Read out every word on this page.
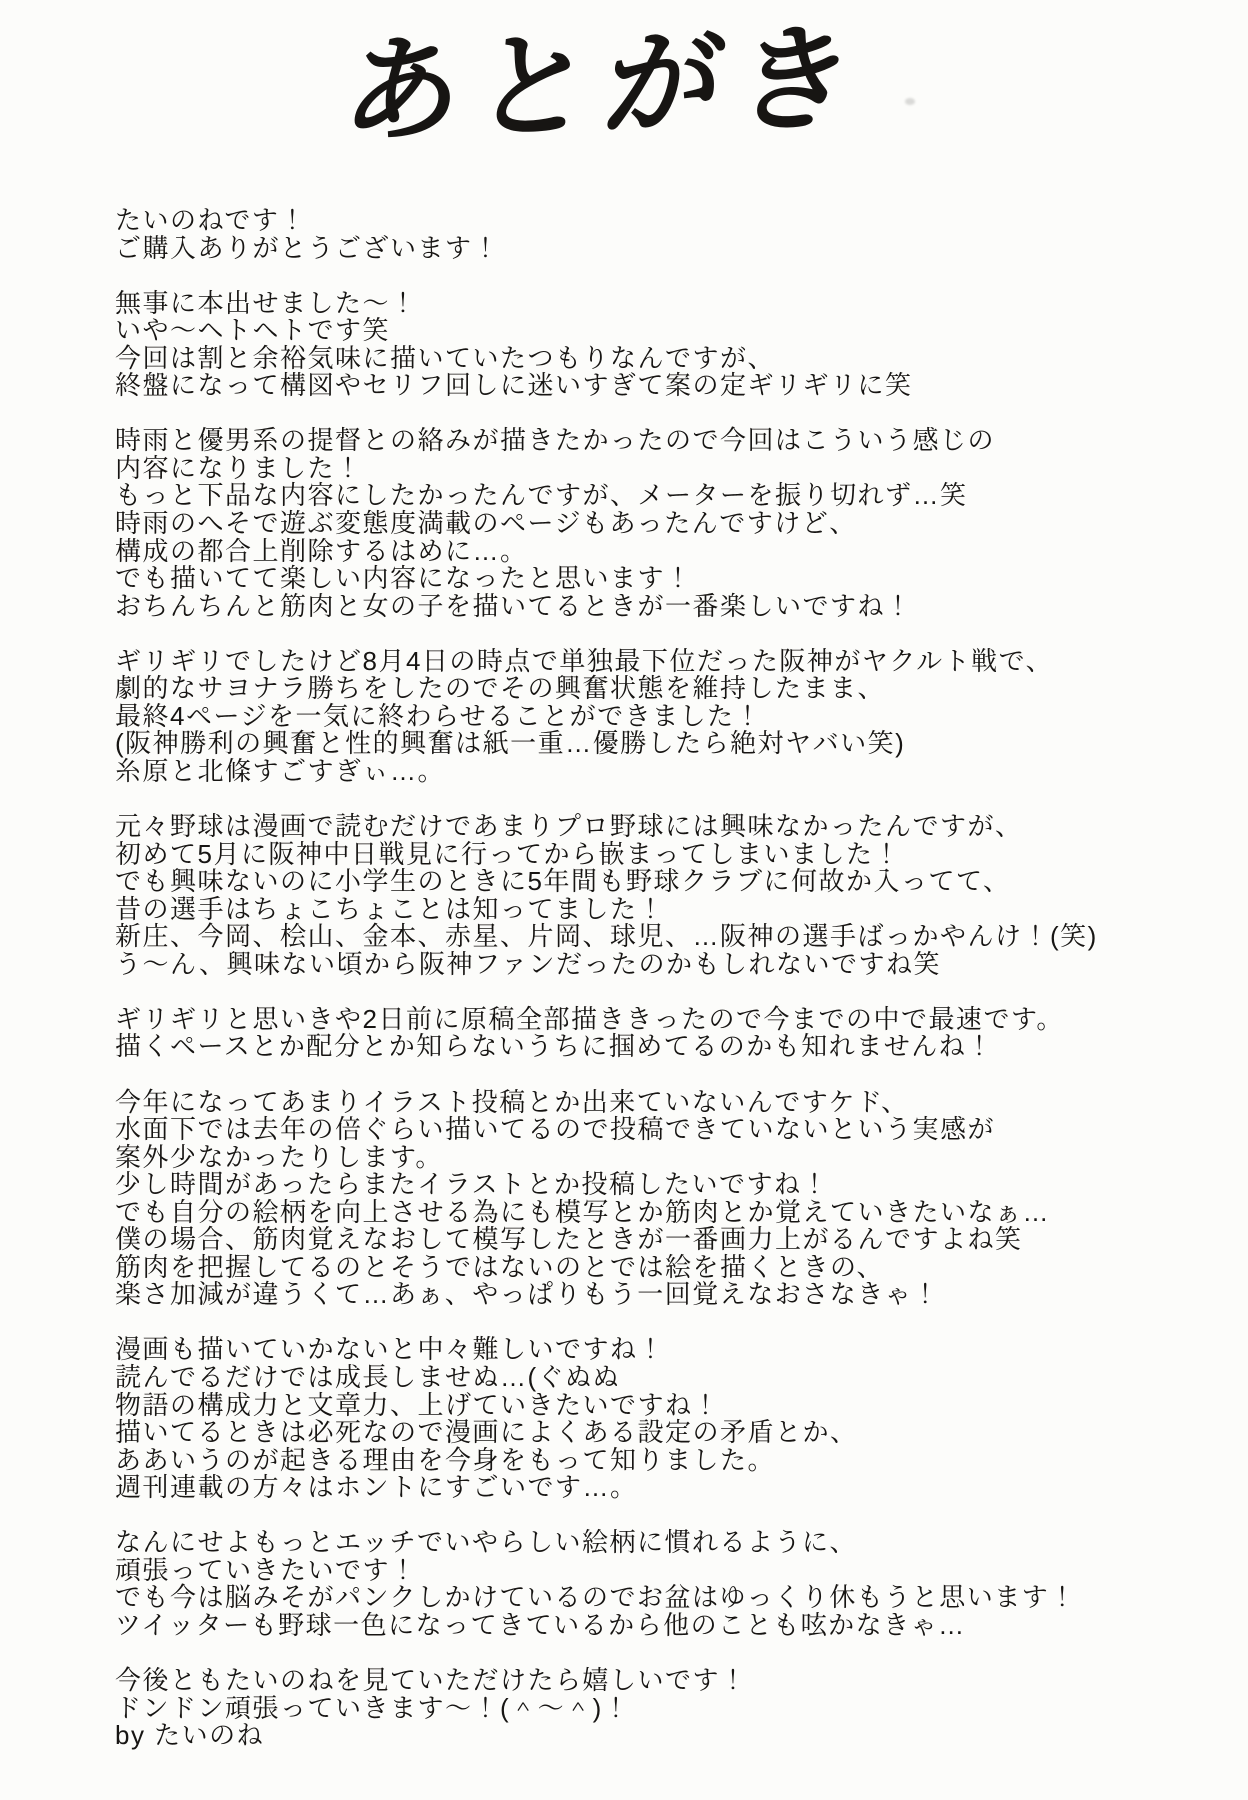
あとがき
たいのねです！
ご購入ありがとうございます！

無事に本出せました〜！
いや〜ヘトヘトです笑
今回は割と余裕気味に描いていたつもりなんですが、
終盤になって構図やセリフ回しに迷いすぎて案の定ギリギリに笑

時雨と優男系の提督との絡みが描きたかったので今回はこういう感じの
内容になりました！
もっと下品な内容にしたかったんですが、メーターを振り切れず…笑
時雨のへそで遊ぶ変態度満載のページもあったんですけど、
構成の都合上削除するはめに…。
でも描いてて楽しい内容になったと思います！
おちんちんと筋肉と女の子を描いてるときが一番楽しいですね！

ギリギリでしたけど8月4日の時点で単独最下位だった阪神がヤクルト戦で、
劇的なサヨナラ勝ちをしたのでその興奮状態を維持したまま、
最終4ページを一気に終わらせることができました！
(阪神勝利の興奮と性的興奮は紙一重…優勝したら絶対ヤバい笑)
糸原と北條すごすぎぃ…。

元々野球は漫画で読むだけであまりプロ野球には興味なかったんですが、
初めて5月に阪神中日戦見に行ってから嵌まってしまいました！
でも興味ないのに小学生のときに5年間も野球クラブに何故か入ってて、
昔の選手はちょこちょことは知ってました！
新庄、今岡、桧山、金本、赤星、片岡、球児、…阪神の選手ばっかやんけ！(笑)
う〜ん、興味ない頃から阪神ファンだったのかもしれないですね笑

ギリギリと思いきや2日前に原稿全部描ききったので今までの中で最速です。
描くペースとか配分とか知らないうちに掴めてるのかも知れませんね！

今年になってあまりイラスト投稿とか出来ていないんですケド、
水面下では去年の倍ぐらい描いてるので投稿できていないという実感が
案外少なかったりします。
少し時間があったらまたイラストとか投稿したいですね！
でも自分の絵柄を向上させる為にも模写とか筋肉とか覚えていきたいなぁ…
僕の場合、筋肉覚えなおして模写したときが一番画力上がるんですよね笑
筋肉を把握してるのとそうではないのとでは絵を描くときの、
楽さ加減が違うくて…あぁ、やっぱりもう一回覚えなおさなきゃ！

漫画も描いていかないと中々難しいですね！
読んでるだけでは成長しませぬ…(ぐぬぬ
物語の構成力と文章力、上げていきたいですね！
描いてるときは必死なので漫画によくある設定の矛盾とか、
ああいうのが起きる理由を今身をもって知りました。
週刊連載の方々はホントにすごいです…。

なんにせよもっとエッチでいやらしい絵柄に慣れるように、
頑張っていきたいです！
でも今は脳みそがパンクしかけているのでお盆はゆっくり休もうと思います！
ツイッターも野球一色になってきているから他のことも呟かなきゃ…

今後ともたいのねを見ていただけたら嬉しいです！
ドンドン頑張っていきます〜！(＾〜＾)！
by たいのね
